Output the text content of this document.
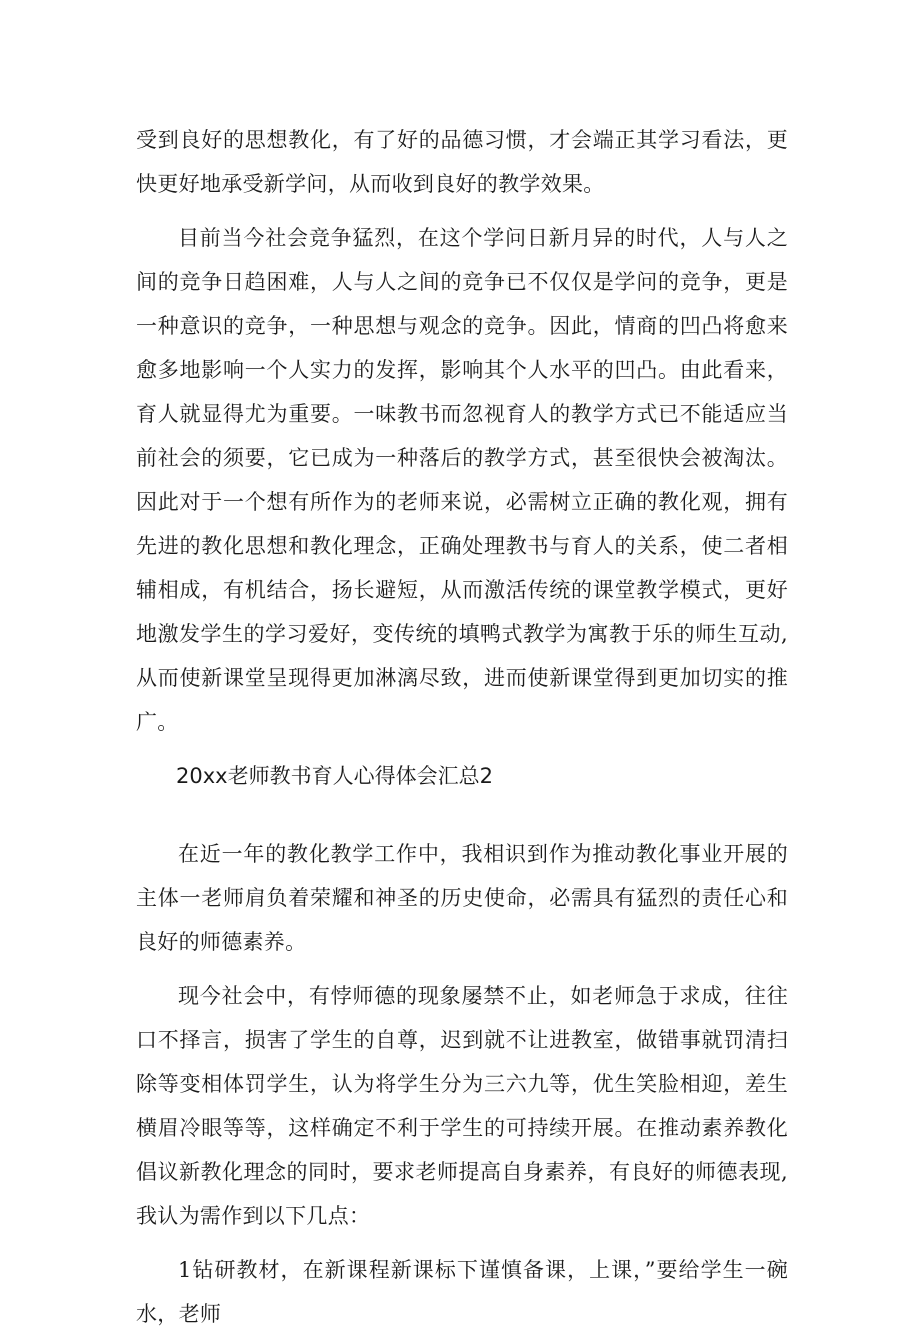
受到良好的思想教化，有了好的品德习惯，才会端正其学习看法，更快更好地承受新学问，从而收到良好的教学效果。

目前当今社会竞争猛烈，在这个学问日新月异的时代，人与人之间的竞争日趋困难，人与人之间的竞争已不仅仅是学问的竞争，更是一种意识的竞争，一种思想与观念的竞争。因此，情商的凹凸将愈来愈多地影响一个人实力的发挥，影响其个人水平的凹凸。由此看来，育人就显得尤为重要。一味教书而忽视育人的教学方式已不能适应当前社会的须要，它已成为一种落后的教学方式，甚至很快会被淘汰。因此对于一个想有所作为的老师来说，必需树立正确的教化观，拥有先进的教化思想和教化理念，正确处理教书与育人的关系，使二者相辅相成，有机结合，扬长避短，从而激活传统的课堂教学模式，更好地激发学生的学习爱好，变传统的填鸭式教学为寓教于乐的师生互动,从而使新课堂呈现得更加淋漓尽致，进而使新课堂得到更加切实的推广。

20xx老师教书育人心得体会汇总2

在近一年的教化教学工作中，我相识到作为推动教化事业开展的主体一老师肩负着荣耀和神圣的历史使命，必需具有猛烈的责任心和良好的师德素养。

现今社会中，有悖师德的现象屡禁不止，如老师急于求成，往往口不择言，损害了学生的自尊，迟到就不让进教室，做错事就罚清扫除等变相体罚学生，认为将学生分为三六九等，优生笑脸相迎，差生横眉冷眼等等，这样确定不利于学生的可持续开展。在推动素养教化倡议新教化理念的同时，要求老师提高自身素养，有良好的师德表现,我认为需作到以下几点：

1钻研教材，在新课程新课标下谨慎备课，上课，”要给学生一碗水，老师
